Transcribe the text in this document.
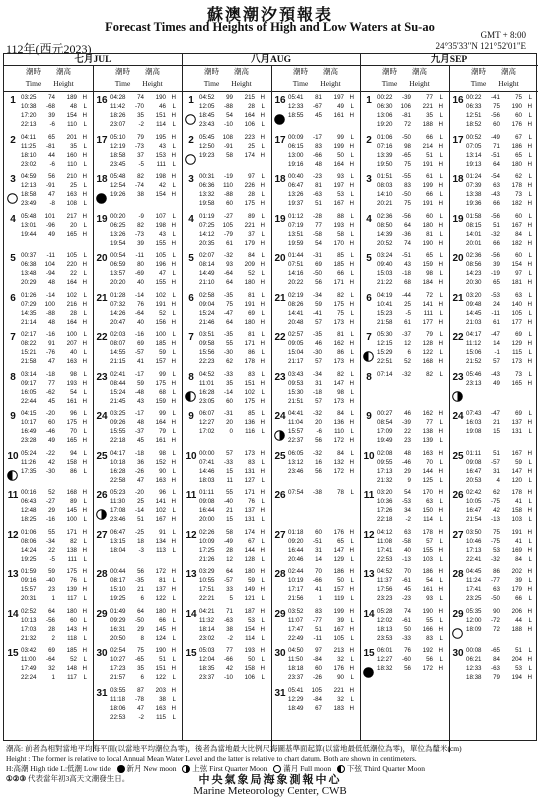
蘇澳潮汐預報表
Forecast Times and Heights of High and Low Waters at Su-ao
112年(西元2023)
GMT + 8:00
24°35'33"N 121°52'01"E
七月JUL	八月AUG	九月SEP
潮時 潮高
Time Height
潮時 潮高
Time Height
潮時 潮高
Time Height
潮時 潮高
Time Height
潮時 潮高
Time Height
潮時 潮高
Time Height
1 03:25 74 189 H
10:38 -68 48 L
17:20 39 154 H
22:13 -6 110 L
2 04:11 65 201 H
11:25 -81 35 L
18:10 44 160 H
23:02 -6 110 L
3 04:59 56 210 H
12:13 -91 25 L
18:58 47 163 H
23:49 -8 108 L
4 05:48 101 217 H
13:01 -96 20 L
19:44 49 165 H
5 00:37 -11 105 L
06:38 104 220 H
13:48 -94 22 L
20:29 48 164 H
6 01:26 -14 102 L
07:29 100 216 H
14:35 -88 28 L
21:14 48 164 H
7 02:17 -16 100 L
08:22 91 207 H
15:21 -76 40 L
21:58 47 163 H
8 03:14 -18 98 L
09:17 77 193 H
16:05 -62 54 L
22:44 45 161 H
9 04:15 -20 96 L
10:17 60 175 H
16:49 -46 70 L
23:28 49 165 H
10 05:24 -22 94 L
11:26 42 158 H
17:35 -30 86 L
11 00:16 52 168 H
06:43 -27 89 L
12:48 29 145 H
18:25 -16 100 L
12 01:06 55 171 H
08:06 -34 82 L
14:24 22 138 H
19:25 -5 111 L
13 01:59 59 175 H
09:16 -40 76 L
15:57 23 139 H
20:31 1 117 L
14 02:52 64 180 H
10:13 -56 60 L
17:03 28 143 H
21:32 2 118 L
15 03:42 69 185 H
11:00 -64 52 L
17:49 32 148 H
22:24 1 117 L
16 04:28 74 190 H
11:42 -70 46 L
18:26 35 151 H
23:07 -2 114 L
17 05:10 79 195 H
12:19 -73 43 L
18:58 37 153 H
23:45 -5 111 L
18 05:48 82 198 H
12:54 -74 42 L
19:26 38 154 H
19 00:20 -9 107 L
06:25 82 198 H
13:26 -73 43 L
19:54 39 155 H
20 00:54 -11 105 L
06:59 80 196 H
13:57 -69 47 L
20:20 40 155 H
21 01:28 -14 102 L
07:32 76 191 H
14:26 -64 52 L
20:47 40 156 H
22 02:03 -16 100 L
08:07 69 185 H
14:55 -57 59 L
21:15 41 157 H
23 02:41 -17 99 L
08:44 59 175 H
15:24 -48 68 L
21:45 43 159 H
24 03:25 -17 99 L
09:26 48 164 H
15:55 -37 79 L
22:18 45 161 H
25 04:17 -18 98 L
10:18 36 152 H
16:28 -26 90 L
22:58 47 163 H
26 05:23 -20 96 L
11:30 25 141 H
17:08 -14 102 L
23:46 51 167 H
27 06:47 -25 91 L
13:15 18 134 H
18:04 -3 113 L
28 00:44 56 172 H
08:17 -35 81 L
15:10 21 137 H
19:25 6 122 L
29 01:49 64 180 H
09:29 -50 66 L
16:31 29 145 H
20:50 8 124 L
30 02:54 75 190 H
10:27 -65 51 L
17:23 35 151 H
21:57 6 122 L
31 03:55 87 203 H
11:18 -78 38 L
18:06 47 163 H
22:53 -2 115 L
1 04:52 99 215 H
12:05 -88 28 L
18:45 54 164 H
23:43 -10 106 L
2 05:45 108 223 H
12:50 -91 25 L
19:23 58 174 H
3 00:31 -19 97 L
06:36 110 226 H
13:32 -88 28 L
19:58 60 175 H
4 01:19 -27 89 L
07:25 105 221 H
14:12 -79 37 L
20:35 61 179 H
5 02:07 -32 84 L
08:14 93 209 H
14:49 -64 52 L
21:10 64 180 H
6 02:58 -35 81 L
09:04 75 191 H
15:24 -47 69 L
21:46 64 180 H
7 03:51 -35 81 L
09:58 55 171 H
15:56 -30 86 L
22:23 62 178 H
8 04:52 -33 83 L
11:01 35 151 H
16:28 -14 102 L
23:05 60 175 H
9 06:07 -31 85 L
12:27 20 136 H
17:02 0 116 L
10 00:00 57 173 H
07:41 -33 83 L
14:46 15 131 H
18:03 11 127 L
11 01:11 55 171 H
09:08 -40 76 L
16:44 21 137 H
20:00 15 131 L
12 02:26 58 174 H
10:09 -49 67 L
17:25 28 144 H
21:26 12 128 L
13 03:29 64 180 H
10:55 -57 59 L
17:51 33 149 H
22:21 5 121 L
14 04:21 71 187 H
11:32 -63 53 L
18:14 38 154 H
23:02 -2 114 L
15 05:03 77 193 H
12:04 -66 50 L
18:35 42 158 H
23:37 -10 106 L
16 05:41 81 197 H
12:33 -67 49 L
18:55 45 161 H
17 00:09 -17 99 L
06:15 83 199 H
13:00 -66 50 L
19:16 48 164 H
18 00:40 -23 93 L
06:47 81 197 H
13:26 -63 53 L
19:37 51 167 H
19 01:12 -28 88 L
07:19 77 193 H
13:51 -58 58 L
19:59 54 170 H
20 01:44 -31 85 L
07:51 69 185 H
14:16 -50 66 L
20:22 56 171 H
21 02:19 -34 82 L
08:26 59 175 H
14:41 -41 75 L
20:48 57 173 H
22 02:57 -35 81 L
09:05 46 162 H
15:04 -30 86 L
21:17 57 173 H
23 03:43 -34 82 L
09:53 31 147 H
15:30 -18 98 L
21:51 57 173 H
24 04:41 -32 84 L
11:04 20 136 H
15:57 -6 110 L
22:37 56 172 H
25 06:05 -32 84 L
13:12 16 132 H
23:46 56 172 H
26 07:54 -38 78 L
27 01:18 60 176 H
09:20 -51 65 L
16:44 31 147 H
20:46 14 129 L
28 02:44 70 186 H
10:19 -66 50 L
17:17 41 157 H
21:56 1 119 L
29 03:52 83 199 H
11:07 -77 39 L
17:47 51 167 H
22:49 -11 105 L
30 04:50 97 213 H
11:50 -84 32 L
18:18 60 176 H
23:37 -26 90 L
31 05:41 105 221 H
12:29 -84 32 L
18:49 67 183 H
1 00:22 -39 77 L
06:30 106 221 H
13:06 -81 35 L
19:20 72 188 H
2 01:06 -50 66 L
07:16 98 214 H
13:39 -65 51 L
19:50 75 191 H
3 01:51 -55 61 L
08:03 83 199 H
14:10 -50 66 L
20:21 75 191 H
4 02:36 -56 60 L
08:50 64 180 H
14:39 -36 81 L
20:52 74 190 H
5 03:24 -51 65 L
09:40 43 159 H
15:03 -18 98 L
21:22 68 184 H
6 04:19 -44 72 L
10:41 25 141 H
15:23 -5 111 L
21:58 61 177 H
7 05:30 -37 79 L
12:15 12 128 H
15:29 6 122 L
22:51 52 168 H
8 07:14 -32 82 L
9 00:27 46 162 H
08:54 -39 77 L
17:09 22 138 H
19:49 23 139 L
10 02:08 48 163 H
09:55 -46 70 L
17:13 29 144 H
21:32 9 125 L
11 03:20 54 170 H
10:36 -53 63 L
17:26 34 150 H
22:18 -2 114 L
12 04:12 63 178 H
11:08 -58 57 L
17:41 40 155 H
22:53 -13 103 L
13 04:52 70 186 H
11:37 -61 54 L
17:56 45 161 H
23:23 -23 93 L
14 05:28 74 190 H
12:02 -61 55 L
18:13 50 166 H
23:53 -33 83 L
15 06:01 76 192 H
12:27 -60 56 L
18:32 56 172 H
16 00:22 -41 75 L
06:33 75 190 H
12:51 -56 60 L
18:52 60 176 H
17 00:52 -49 67 L
07:05 71 186 H
13:14 -51 65 L
19:13 64 180 H
18 01:24 -54 62 L
07:39 63 178 H
13:38 -43 73 L
19:36 66 182 H
19 01:58 -56 60 L
08:15 51 167 H
14:01 -32 84 L
20:01 66 182 H
20 02:36 -56 60 L
08:56 39 154 H
14:23 -19 97 L
20:30 65 181 H
21 03:20 -53 63 L
09:48 24 140 H
14:45 -11 105 L
21:03 61 177 H
22 04:17 -47 69 L
11:12 14 129 H
15:06 -1 115 L
21:52 57 173 H
23 05:46 -43 73 L
23:13 49 165 H
24 07:43 -47 69 L
16:03 21 137 H
19:08 15 131 L
25 01:11 51 167 H
09:08 -57 59 L
16:47 31 147 H
20:53 4 120 L
26 02:42 62 178 H
10:05 -75 41 L
16:47 42 158 H
21:54 -13 103 L
27 03:50 75 191 H
10:46 -75 41 L
17:13 53 169 H
22:41 -32 84 L
28 04:45 86 202 H
11:24 -77 39 L
17:41 63 179 H
23:25 -50 66 L
29 05:35 90 206 H
12:00 -72 44 L
18:09 72 188 H
30 00:08 -65 51 L
06:21 84 204 H
12:33 -63 53 L
18:38 79 194 H
潮高: 前者為相對當地平均海平面(以當地平均潮位為零)，後者為當地最大比例尺海圖基準面起算(以當地最低低潮位為零)，單位為釐米(cm)
Height : The former is relative to local Annual Mean Water Level and the latter is relative to chart datum. Both are shown in centimeters.
H:高潮 High tide L:低潮 Low tide 新月 New moon 上弦 First Quarter Moon 滿月 Full moon 下弦 Third Quarter Moon
①②③ 代表當年初3高天文潮發生日。	中央氣象局海象測報中心
Marine Meteorology Center, CWB
